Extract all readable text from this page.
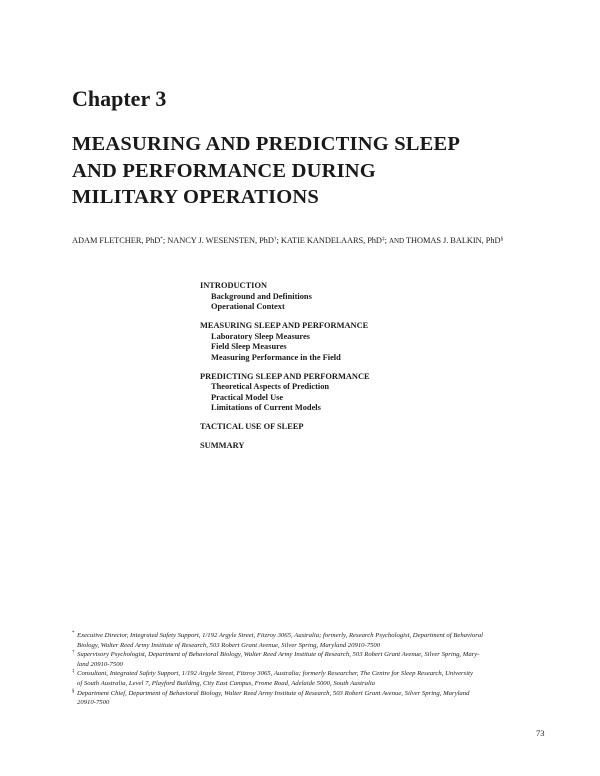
Chapter 3
MEASURING AND PREDICTING SLEEP
AND PERFORMANCE DURING
MILITARY OPERATIONS
ADAM FLETCHER, PhD*; NANCY J. WESENSTEN, PhD†; KATIE KANDELAARS, PhD‡; AND THOMAS J. BALKIN, PhD§
INTRODUCTION
Background and Definitions
Operational Context
MEASURING SLEEP AND PERFORMANCE
Laboratory Sleep Measures
Field Sleep Measures
Measuring Performance in the Field
PREDICTING SLEEP AND PERFORMANCE
Theoretical Aspects of Prediction
Practical Model Use
Limitations of Current Models
TACTICAL USE OF SLEEP
SUMMARY
* Executive Director, Integrated Safety Support, 1/192 Argyle Street, Fitzroy 3065, Australia; formerly, Research Psychologist, Department of Behavioral
Biology, Walter Reed Army Institute of Research, 503 Robert Grant Avenue, Silver Spring, Maryland 20910-7500
† Supervisory Psychologist, Department of Behavioral Biology, Walter Reed Army Institute of Research, 503 Robert Grant Avenue, Silver Spring, Mary-
land 20910-7500
‡ Consultant, Integrated Safety Support, 1/192 Argyle Street, Fitzroy 3065, Australia; formerly Researcher, The Centre for Sleep Research, University
of South Australia, Level 7, Playford Building, City East Campus, Frome Road, Adelaide 5000, South Australia
§ Department Chief, Department of Behavioral Biology, Walter Reed Army Institute of Research, 503 Robert Grant Avenue, Silver Spring, Maryland
20910-7500
73
